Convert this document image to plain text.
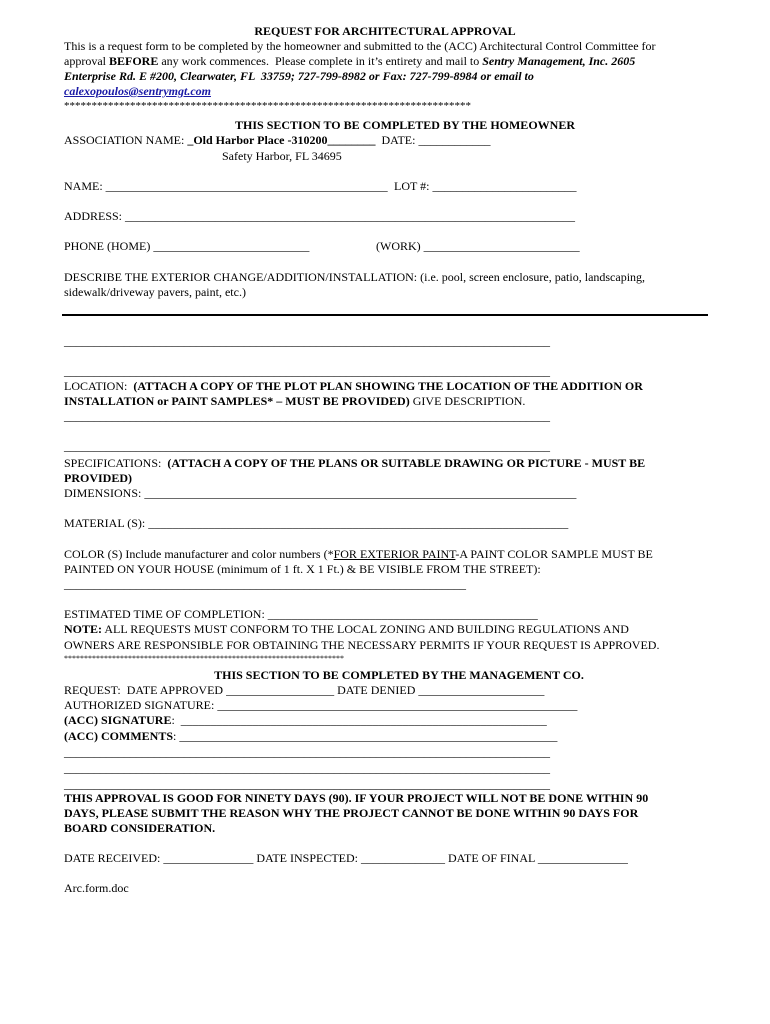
REQUEST FOR ARCHITECTURAL APPROVAL
This is a request form to be completed by the homeowner and submitted to the (ACC) Architectural Control Committee for
approval BEFORE any work commences.  Please complete in it’s entirety and mail to Sentry Management, Inc. 2605
Enterprise Rd. E #200, Clearwater, FL  33759; 727-799-8982 or Fax: 727-799-8984 or email to
calexopoulos@sentrymgt.com
**************************************************************************
THIS SECTION TO BE COMPLETED BY THE HOMEOWNER
ASSOCIATION NAME: _Old Harbor Place -310200________  DATE: ____________
Safety Harbor, FL 34695
NAME: _______________________________________________ LOT #: ________________________
ADDRESS: ___________________________________________________________________________
PHONE (HOME) __________________________	(WORK) __________________________
DESCRIBE THE EXTERIOR CHANGE/ADDITION/INSTALLATION: (i.e. pool, screen enclosure, patio, landscaping,
sidewalk/driveway pavers, paint, etc.)
_________________________________________________________________________________
_________________________________________________________________________________
LOCATION:  (ATTACH A COPY OF THE PLOT PLAN SHOWING THE LOCATION OF THE ADDITION OR
INSTALLATION or PAINT SAMPLES* – MUST BE PROVIDED) GIVE DESCRIPTION.
_________________________________________________________________________________
_________________________________________________________________________________
SPECIFICATIONS:  (ATTACH A COPY OF THE PLANS OR SUITABLE DRAWING OR PICTURE - MUST BE
PROVIDED)
DIMENSIONS: ________________________________________________________________________
MATERIAL (S): ______________________________________________________________________
COLOR (S) Include manufacturer and color numbers (*FOR EXTERIOR PAINT-A PAINT COLOR SAMPLE MUST BE
PAINTED ON YOUR HOUSE (minimum of 1 ft. X 1 Ft.) & BE VISIBLE FROM THE STREET):
___________________________________________________________________
ESTIMATED TIME OF COMPLETION: _____________________________________________
NOTE: ALL REQUESTS MUST CONFORM TO THE LOCAL ZONING AND BUILDING REGULATIONS AND
OWNERS ARE RESPONSIBLE FOR OBTAINING THE NECESSARY PERMITS IF YOUR REQUEST IS APPROVED.
**********************************************************************
THIS SECTION TO BE COMPLETED BY THE MANAGEMENT CO.
REQUEST:  DATE APPROVED __________________ DATE DENIED _____________________
AUTHORIZED SIGNATURE: ____________________________________________________________
(ACC) SIGNATURE:  _____________________________________________________________
(ACC) COMMENTS: _______________________________________________________________
_________________________________________________________________________________
_________________________________________________________________________________
_________________________________________________________________________________
THIS APPROVAL IS GOOD FOR NINETY DAYS (90). IF YOUR PROJECT WILL NOT BE DONE WITHIN 90
DAYS, PLEASE SUBMIT THE REASON WHY THE PROJECT CANNOT BE DONE WITHIN 90 DAYS FOR
BOARD CONSIDERATION.
DATE RECEIVED: _______________ DATE INSPECTED: ______________ DATE OF FINAL _______________
Arc.form.doc
